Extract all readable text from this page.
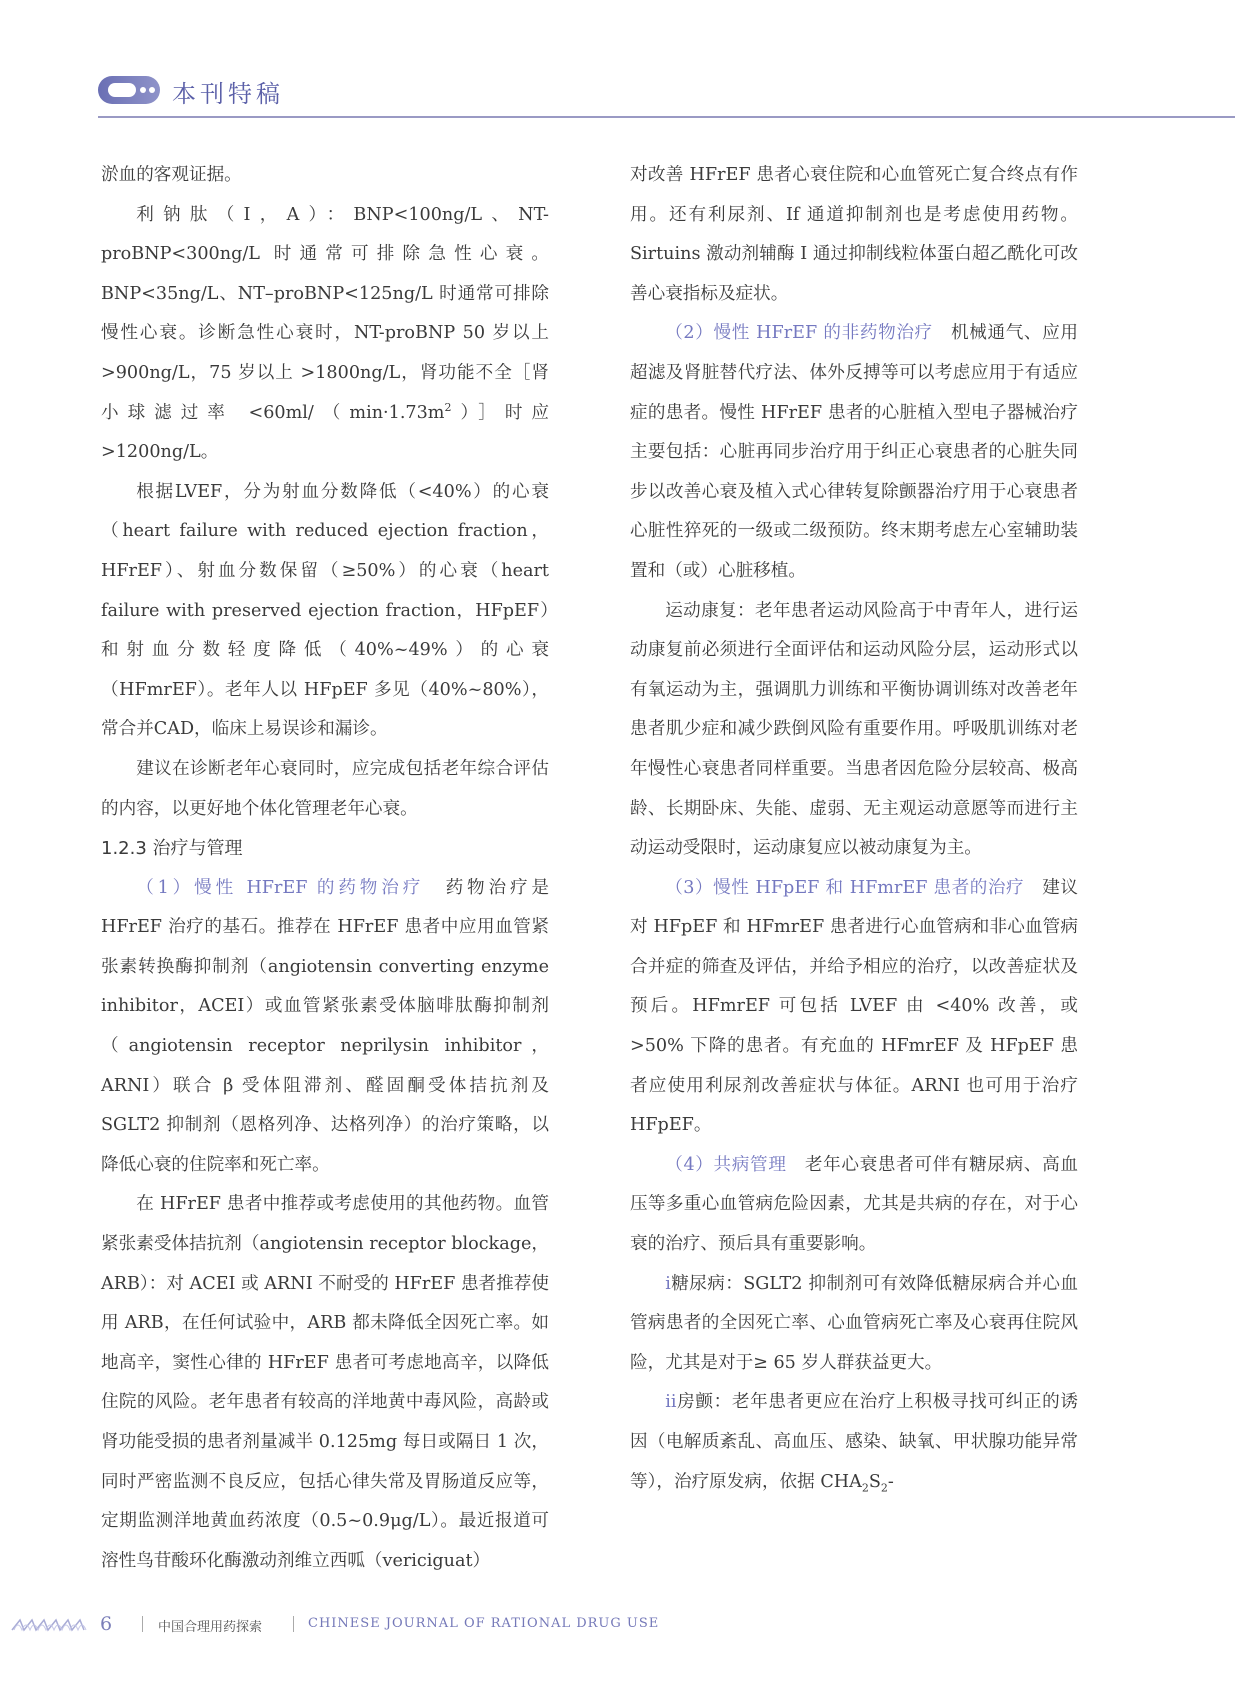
本刊特稿

淤血的客观证据。

利钠肽（I，A）：BNP<100ng/L、NT-proBNP<300ng/L 时通常可排除急性心衰。BNP<35ng/L、NT–proBNP<125ng/L 时通常可排除慢性心衰。诊断急性心衰时，NT-proBNP 50 岁以上 >900ng/L，75 岁以上 >1800ng/L，肾功能不全［肾小球滤过率 $<60ml/(\min\cdot 1.73m^2)]$时应 >1200ng/L。

根据LVEF，分为射血分数降低（<40%）的心衰（heart failure with reduced ejection fraction，HFrEF）、射血分数保留（≥50%）的心衰（heart failure with preserved ejection fraction，HFpEF）和射血分数轻度降低（40%~49%）的心衰（HFmrEF）。老年人以 HFpEF 多见（40%~80%），常合并CAD，临床上易误诊和漏诊。

建议在诊断老年心衰同时，应完成包括老年综合评估的内容，以更好地个体化管理老年心衰。

1.2.3 治疗与管理

（1）慢性 HFrEF 的药物治疗　药物治疗是 HFrEF 治疗的基石。推荐在 HFrEF 患者中应用血管紧张素转换酶抑制剂（angiotensin converting enzyme inhibitor，ACEI）或血管紧张素受体脑啡肽酶抑制剂（angiotensin receptor neprilysin inhibitor，ARNI）联合 β 受体阻滞剂、醛固酮受体拮抗剂及 SGLT2 抑制剂（恩格列净、达格列净）的治疗策略，以降低心衰的住院率和死亡率。

在 HFrEF 患者中推荐或考虑使用的其他药物。血管紧张素受体拮抗剂（angiotensin receptor blockage，ARB）：对 ACEI 或 ARNI 不耐受的 HFrEF 患者推荐使用 ARB，在任何试验中，ARB 都未降低全因死亡率。如地高辛，窦性心律的 HFrEF 患者可考虑地高辛，以降低住院的风险。老年患者有较高的洋地黄中毒风险，高龄或肾功能受损的患者剂量减半 0.125mg 每日或隔日 1 次，同时严密监测不良反应，包括心律失常及胃肠道反应等，定期监测洋地黄血药浓度（0.5~0.9μg/L）。最近报道可溶性鸟苷酸环化酶激动剂维立西呱（vericiguat）

对改善 HFrEF 患者心衰住院和心血管死亡复合终点有作用。还有利尿剂、If 通道抑制剂也是考虑使用药物。Sirtuins 激动剂辅酶 I 通过抑制线粒体蛋白超乙酰化可改善心衰指标及症状。

（2）慢性 HFrEF 的非药物治疗　机械通气、应用超滤及肾脏替代疗法、体外反搏等可以考虑应用于有适应症的患者。慢性 HFrEF 患者的心脏植入型电子器械治疗主要包括：心脏再同步治疗用于纠正心衰患者的心脏失同步以改善心衰及植入式心律转复除颤器治疗用于心衰患者心脏性猝死的一级或二级预防。终末期考虑左心室辅助装置和（或）心脏移植。

运动康复：老年患者运动风险高于中青年人，进行运动康复前必须进行全面评估和运动风险分层，运动形式以有氧运动为主，强调肌力训练和平衡协调训练对改善老年患者肌少症和减少跌倒风险有重要作用。呼吸肌训练对老年慢性心衰患者同样重要。当患者因危险分层较高、极高龄、长期卧床、失能、虚弱、无主观运动意愿等而进行主动运动受限时，运动康复应以被动康复为主。

（3）慢性 HFpEF 和 HFmrEF 患者的治疗　建议对 HFpEF 和 HFmrEF 患者进行心血管病和非心血管病合并症的筛查及评估，并给予相应的治疗，以改善症状及预后。HFmrEF 可包括 LVEF 由 <40% 改善，或 >50% 下降的患者。有充血的 HFmrEF 及 HFpEF 患者应使用利尿剂改善症状与体征。ARNI 也可用于治疗 HFpEF。

（4）共病管理　老年心衰患者可伴有糖尿病、高血压等多重心血管病危险因素，尤其是共病的存在，对于心衰的治疗、预后具有重要影响。

ⅰ糖尿病：SGLT2 抑制剂可有效降低糖尿病合并心血管病患者的全因死亡率、心血管病死亡率及心衰再住院风险，尤其是对于≥ 65 岁人群获益更大。

ⅱ房颤：老年患者更应在治疗上积极寻找可纠正的诱因（电解质紊乱、高血压、感染、缺氧、甲状腺功能异常等），治疗原发病，依据 $CHA_2S_2-$

6	中国合理用药探索	CHINESE JOURNAL OF RATIONAL DRUG USE
